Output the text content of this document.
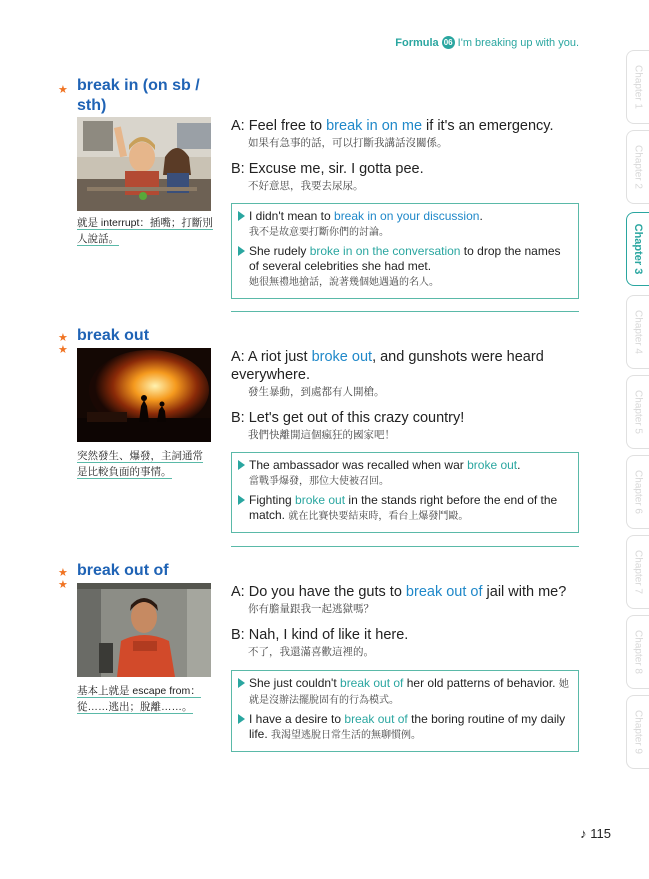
Formula 06 I'm breaking up with you.
Chapter 1
Chapter 2
Chapter 3
Chapter 4
Chapter 5
Chapter 6
Chapter 7
Chapter 8
Chapter 9
★ break in (on sb /
sth)
就是 interrupt：插嘴；打斷別人說話。
A: Feel free to break in on me if it's an emergency.
如果有急事的話，可以打斷我講話沒關係。
B: Excuse me, sir. I gotta pee.
不好意思，我要去尿尿。
I didn't mean to break in on your discussion.
我不是故意要打斷你們的討論。
She rudely broke in on the conversation to drop the names of several celebrities she had met.
她很無禮地搶話，說著幾個她遇過的名人。
★
★
break out
突然發生、爆發，主詞通常是比較負面的事情。
A: A riot just broke out, and gunshots were heard everywhere.
發生暴動，到處都有人開槍。
B: Let's get out of this crazy country!
我們快離開這個瘋狂的國家吧！
The ambassador was recalled when war broke out.
當戰爭爆發，那位大使被召回。
Fighting broke out in the stands right before the end of the match. 就在比賽快要結束時，看台上爆發鬥毆。
★
★
break out of
基本上就是 escape from：從……逃出；脫離……。
A: Do you have the guts to break out of jail with me?
你有膽量跟我一起逃獄嗎？
B: Nah, I kind of like it here.
不了，我還滿喜歡這裡的。
She just couldn't break out of her old patterns of behavior. 她就是沒辦法擺脫固有的行為模式。
I have a desire to break out of the boring routine of my daily life. 我渴望逃脫日常生活的無聊慣例。
♪ 115
